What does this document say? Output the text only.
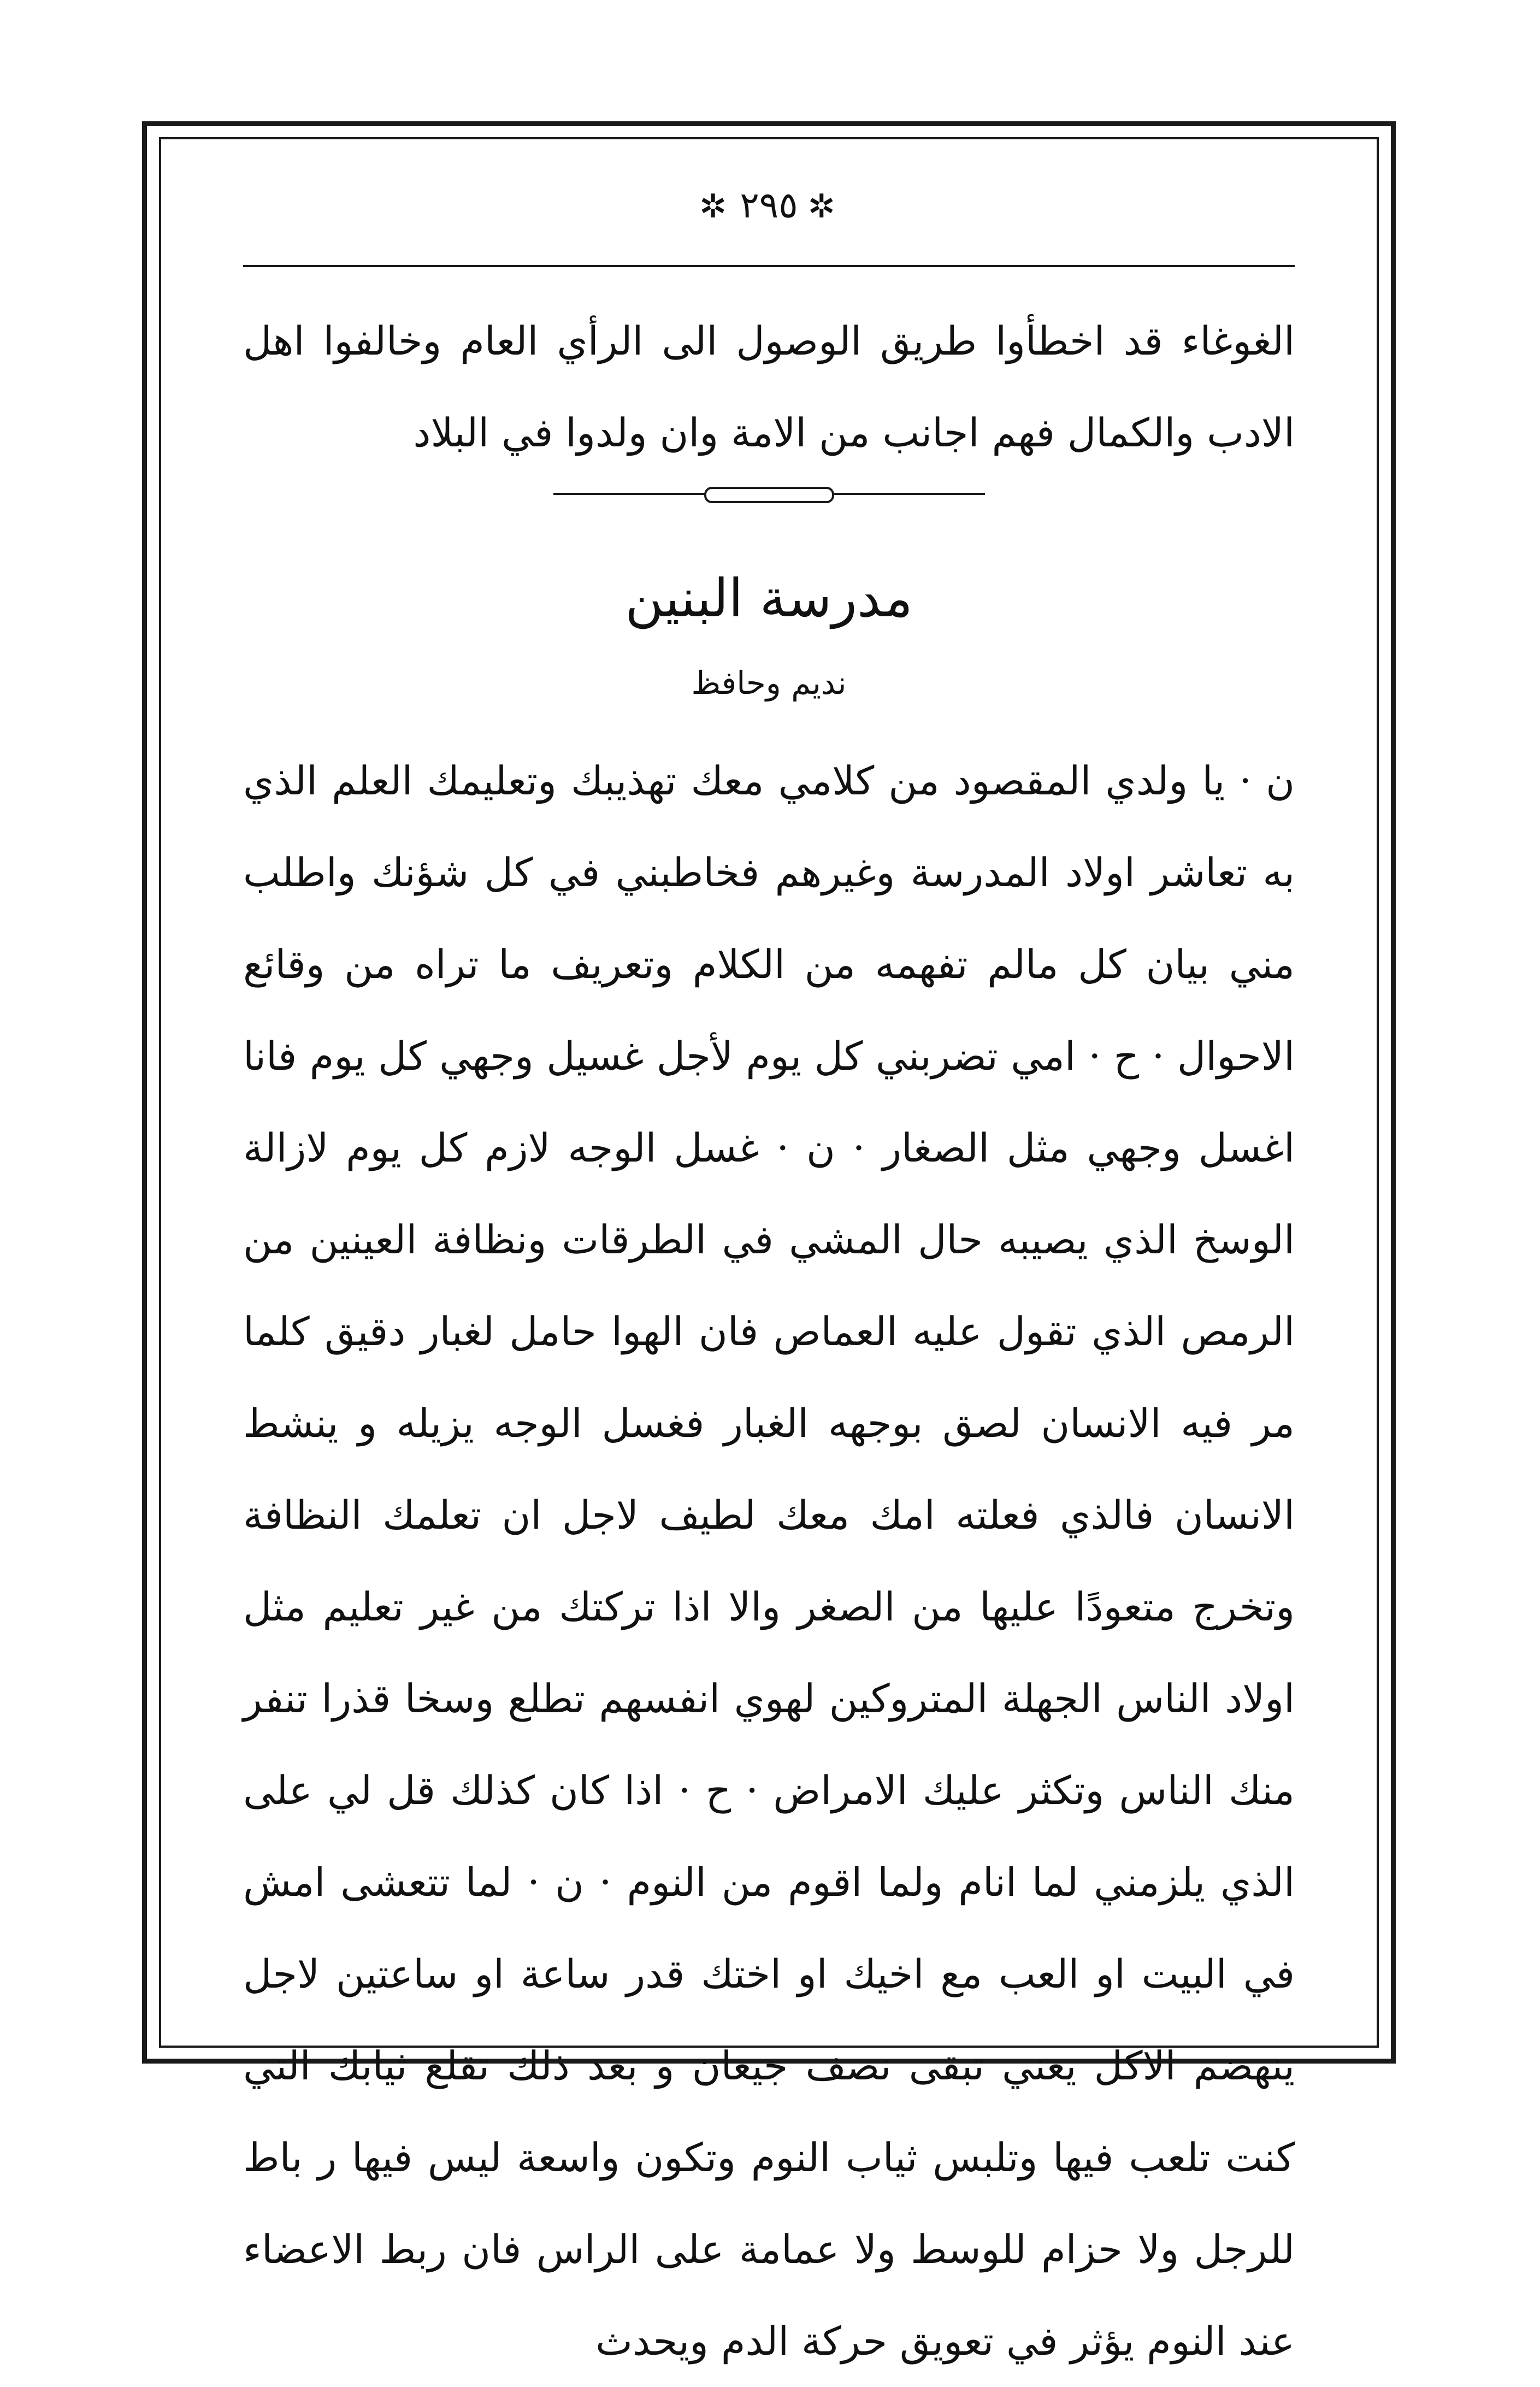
✲٢٩٥✲

الغوغاء قد اخطأوا طريق الوصول الى الرأي العام وخالفوا اهل الادب والكمال فهم اجانب من الامة وان ولدوا في البلاد

مدرسة البنين
نديم وحافظ

ن · يا ولدي المقصود من كلامي معك تهذيبك وتعليمك العلم الذي به تعاشر اولاد المدرسة وغيرهم فخاطبني في كل شؤنك واطلب مني بيان كل مالم تفهمه من الكلام وتعريف ما تراه من وقائع الاحوال · ح · امي تضربني كل يوم لأجل غسيل وجهي كل يوم فانا اغسل وجهي مثل الصغار · ن · غسل الوجه لازم كل يوم لازالة الوسخ الذي يصيبه حال المشي في الطرقات ونظافة العينين من الرمص الذي تقول عليه العماص فان الهوا حامل لغبار دقيق كلما مر فيه الانسان لصق بوجهه الغبار فغسل الوجه يزيله و ينشط الانسان فالذي فعلته امك معك لطيف لاجل ان تعلمك النظافة وتخرج متعودًا عليها من الصغر والا اذا تركتك من غير تعليم مثل اولاد الناس الجهلة المتروكين لهوي انفسهم تطلع وسخا قذرا تنفر منك الناس وتكثر عليك الامراض · ح · اذا كان كذلك قل لي على الذي يلزمني لما انام ولما اقوم من النوم · ن · لما تتعشى امش في البيت او العب مع اخيك او اختك قدر ساعة او ساعتين لاجل ينهضم الاكل يعني تبقى نصف جيعان و بعد ذلك تقلع ثيابك التي كنت تلعب فيها وتلبس ثياب النوم وتكون واسعة ليس فيها ر باط للرجل ولا حزام للوسط ولا عمامة على الراس فان ربط الاعضاء عند النوم يؤثر في تعويق حركة الدم ويحدث
